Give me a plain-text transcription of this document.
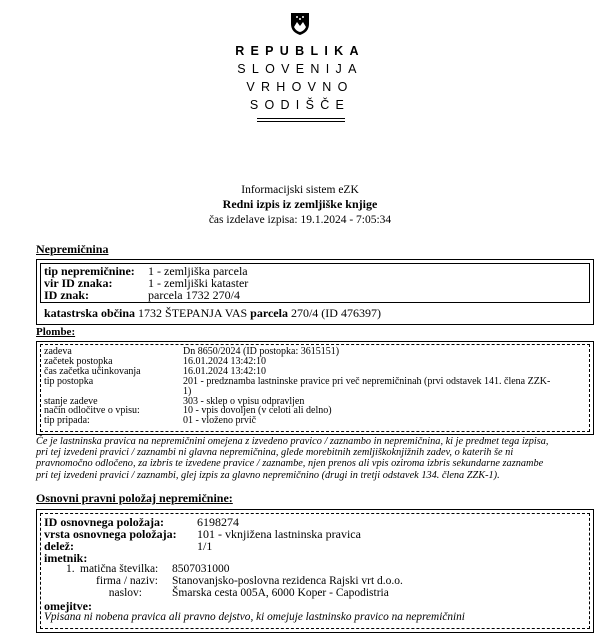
REPUBLIKA
SLOVENIJA
VRHOVNO
SODIŠČE
Informacijski sistem eZK
Redni izpis iz zemljiške knjige
čas izdelave izpisa: 19.1.2024 - 7:05:34
Nepremičnina
tip nepremičnine: 1 - zemljiška parcela
vir ID znaka:	1 - zemljiški kataster
ID znak:	parcela 1732 270/4
katastrska občina 1732 ŠTEPANJA VAS parcela 270/4 (ID 476397)
Plombe:
zadeva	Dn 8650/2024 (ID postopka: 3615151)
začetek postopka	16.01.2024 13:42:10
čas začetka učinkovanja	16.01.2024 13:42:10
tip postopka	201 - predznamba lastninske pravice pri več nepremičninah (prvi odstavek 141. člena ZZK-
1)
stanje zadeve	303 - sklep o vpisu odpravljen
način odločitve o vpisu:	10 - vpis dovoljen (v celoti ali delno)
tip pripada:	01 - vloženo prvič
Če je lastninska pravica na nepremičnini omejena z izvedeno pravico / zaznambo in nepremičnina, ki je predmet tega izpisa,
pri tej izvedeni pravici / zaznambi ni glavna nepremičnina, glede morebitnih zemljiškoknjižnih zadev, o katerih še ni
pravnomočno odločeno, za izbris te izvedene pravice / zaznambe, njen prenos ali vpis oziroma izbris sekundarne zaznambe
pri tej izvedeni pravici / zaznambi, glej izpis za glavno nepremičnino (drugi in tretji odstavek 134. člena ZZK-1).
Osnovni pravni položaj nepremičnine:
ID osnovnega položaja:	6198274
vrsta osnovnega položaja: 101 - vknjižena lastninska pravica
delež:	1/1
imetnik:
1. matična številka: 8507031000
firma / naziv: Stanovanjsko-poslovna rezidenca Rajski vrt d.o.o.
naslov:	Šmarska cesta 005A, 6000 Koper - Capodistria
omejitve:
Vpisana ni nobena pravica ali pravno dejstvo, ki omejuje lastninsko pravico na nepremičnini
